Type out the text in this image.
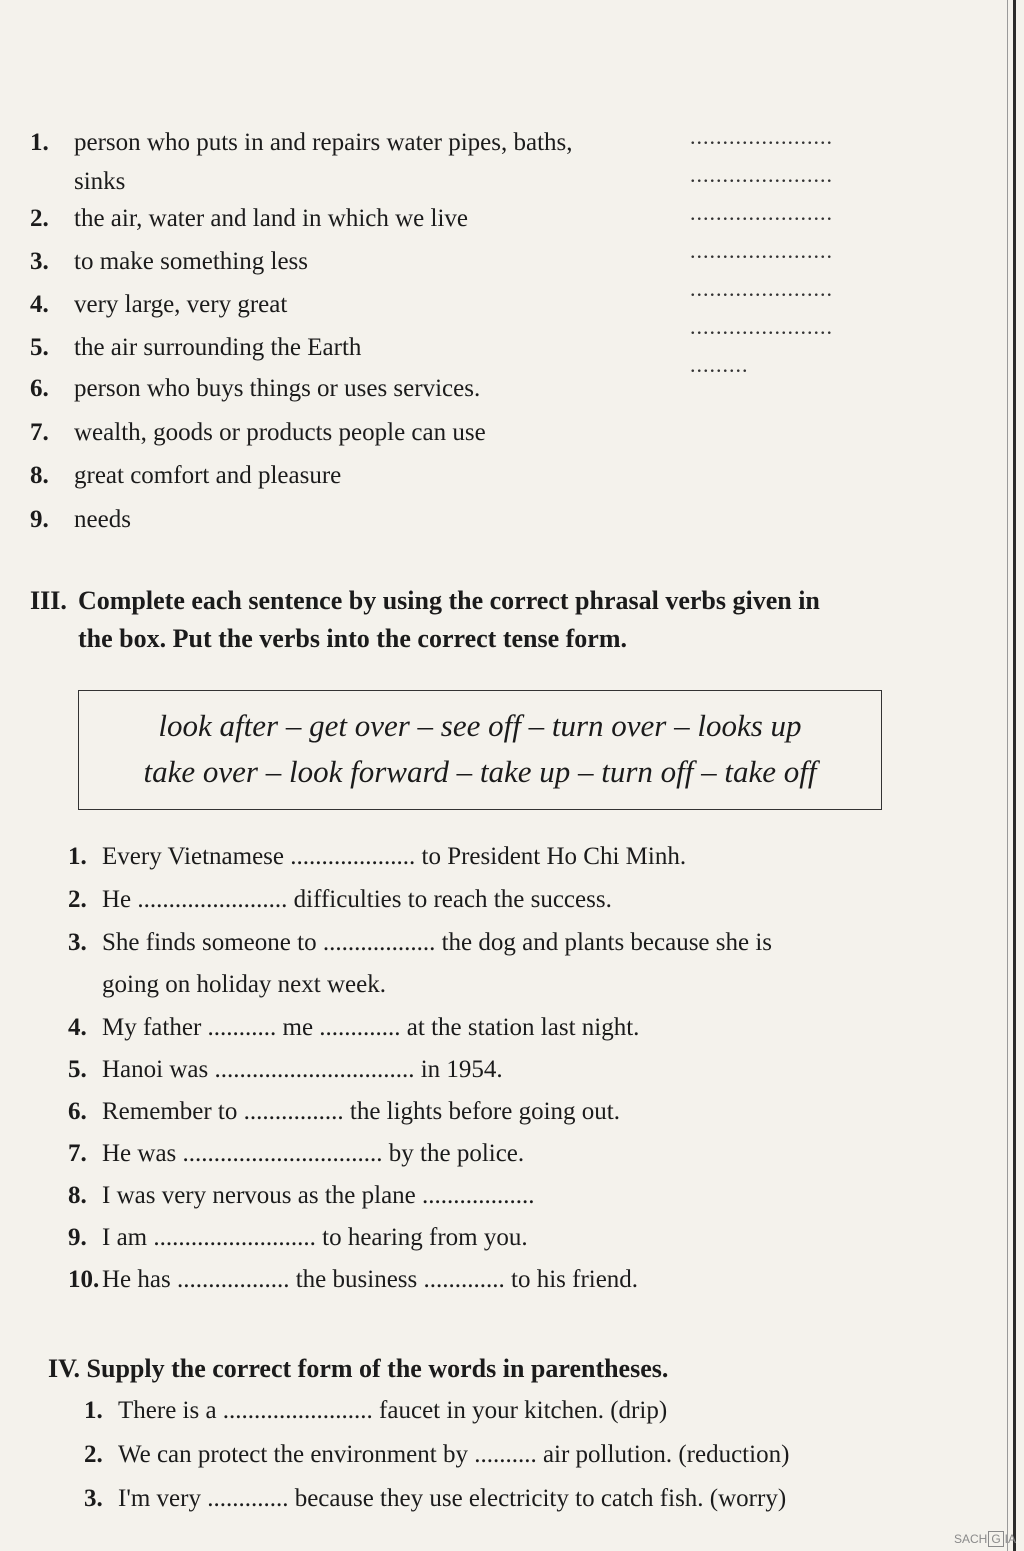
1. person who puts in and repairs water pipes, baths,
sinks
2. the air, water and land in which we live
3. to make something less
4. very large, very great
5. the air surrounding the Earth
6. person who buys things or uses services.
7. wealth, goods or products people can use
8. great comfort and pleasure
9. needs
......................
......................
......................
......................
......................
......................
.........
III. Complete each sentence by using the correct phrasal verbs given in
the box. Put the verbs into the correct tense form.
look after – get over – see off – turn over – looks up
take over – look forward – take up – turn off – take off
1. Every Vietnamese .................... to President Ho Chi Minh.
2. He ........................ difficulties to reach the success.
3. She finds someone to .................. the dog and plants because she is
going on holiday next week.
4. My father ........... me ............. at the station last night.
5. Hanoi was ................................ in 1954.
6. Remember to ................ the lights before going out.
7. He was ................................ by the police.
8. I was very nervous as the plane ..................
9. I am .......................... to hearing from you.
10. He has .................. the business ............. to his friend.
IV. Supply the correct form of the words in parentheses.
1. There is a ........................ faucet in your kitchen. (drip)
2. We can protect the environment by .......... air pollution. (reduction)
3. I'm very ............. because they use electricity to catch fish. (worry)
SACH G IA
